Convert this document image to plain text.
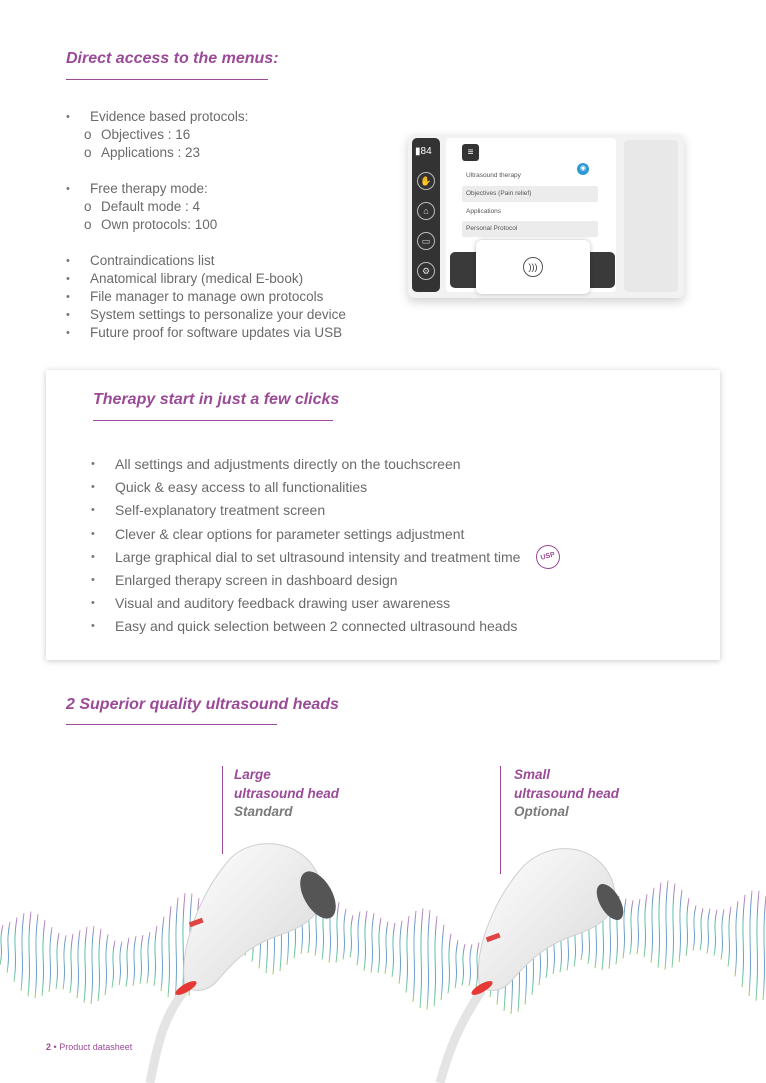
Direct access to the menus:
• Evidence based protocols:
o Objectives : 16
o Applications : 23
• Free therapy mode:
o Default mode : 4
o Own protocols: 100
• Contraindications list
• Anatomical library (medical E-book)
• File manager to manage own protocols
• System settings to personalize your device
• Future proof for software updates via USB
▮84
✋
⌂
▭
⚙
≡
Ultrasound therapy
Objectives (Pain relief)
Applications
Personal Protocol
◉
)))
Therapy start in just a few clicks
• All settings and adjustments directly on the touchscreen
• Quick & easy access to all functionalities
• Self-explanatory treatment screen
• Clever & clear options for parameter settings adjustment
• Large graphical dial to set ultrasound intensity and treatment time
• Enlarged therapy screen in dashboard design
• Visual and auditory feedback drawing user awareness
• Easy and quick selection between 2 connected ultrasound heads
USP
2 Superior quality ultrasound heads
Large
ultrasound head
Standard
Small
ultrasound head
Optional
2 • Product datasheet
